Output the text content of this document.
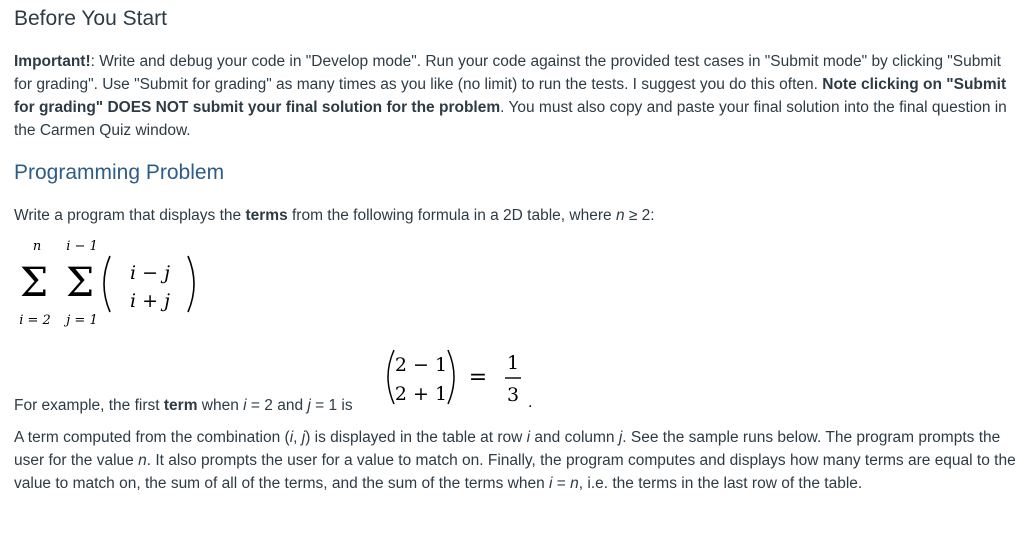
Before You Start

Important!: Write and debug your code in "Develop mode". Run your code against the provided test cases in "Submit mode" by clicking "Submit for grading". Use "Submit for grading" as many times as you like (no limit) to run the tests. I suggest you do this often. Note clicking on "Submit for grading" DOES NOT submit your final solution for the problem. You must also copy and paste your final solution into the final question in the Carmen Quiz window.

Programming Problem

Write a program that displays the terms from the following formula in a 2D table, where n ≥ 2:

n
Σ
i = 2
i − 1
Σ
j = 1
i − j
i + j

For example, the first term when i = 2 and j = 1 is

2 − 1
2 + 1
=
1
3 .

A term computed from the combination (i, j) is displayed in the table at row i and column j. See the sample runs below. The program prompts the user for the value n. It also prompts the user for a value to match on. Finally, the program computes and displays how many terms are equal to the value to match on, the sum of all of the terms, and the sum of the terms when i = n, i.e. the terms in the last row of the table.
